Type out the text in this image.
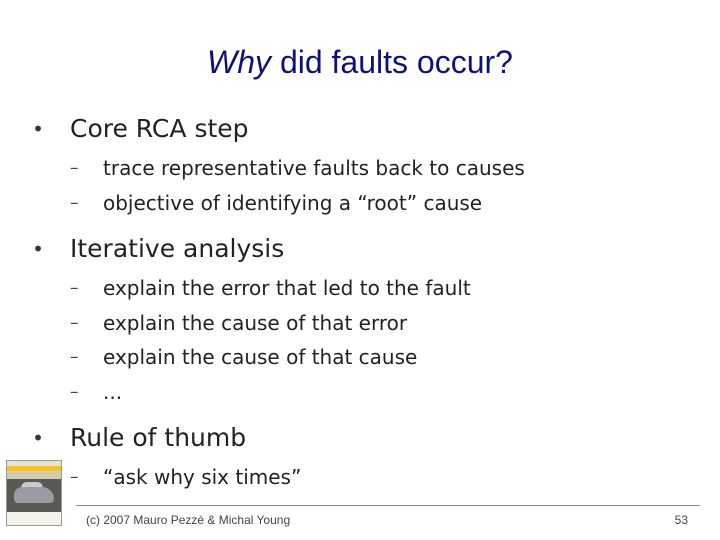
Why did faults occur?
• Core RCA step
– trace representative faults back to causes
– objective of identifying a “root” cause
• Iterative analysis
– explain the error that led to the fault
– explain the cause of that error
– explain the cause of that cause
– ...
• Rule of thumb
– “ask why six times”
(c) 2007 Mauro Pezzè & Michal Young	53
